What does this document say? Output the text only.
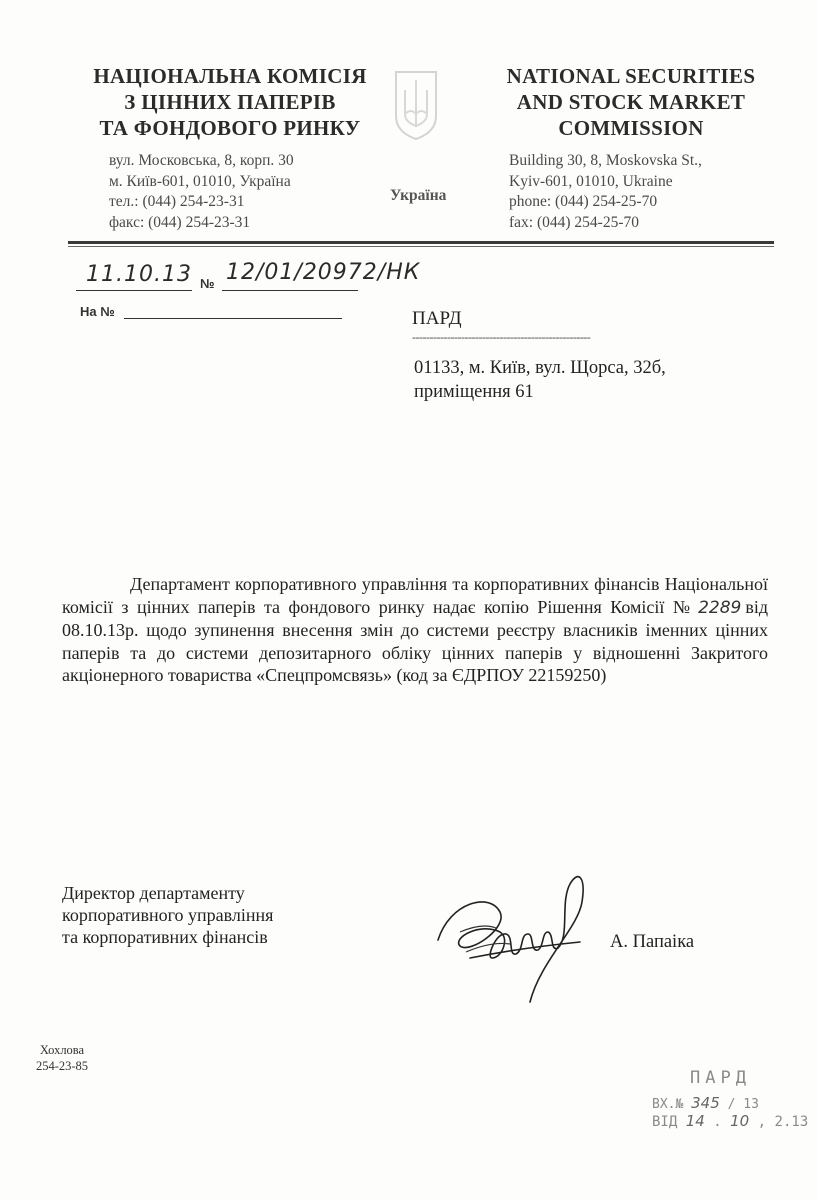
НАЦІОНАЛЬНА КОМІСІЯ
З ЦІННИХ ПАПЕРІВ
ТА ФОНДОВОГО РИНКУ
вул. Московська, 8, корп. 30
м. Київ-601, 01010, Україна
тел.: (044) 254-23-31
факс: (044) 254-23-31
Україна
NATIONAL SECURITIES
AND STOCK MARKET
COMMISSION
Building 30, 8, Moskovska St.,
Kyiv-601, 01010, Ukraine
phone: (044) 254-25-70
fax: (044) 254-25-70
11.10.13 № 12/01/20972/НК
На №	ПАРД
---------------------------------------------------
01133, м. Київ, вул. Щорса, 32б,
приміщення 61

Департамент корпоративного управління та корпоративних фінансів Національної комісії з цінних паперів та фондового ринку надає копію Рішення Комісії № 2289 від 08.10.13р. щодо зупинення внесення змін до системи реєстру власників іменних цінних паперів та до системи депозитарного обліку цінних паперів у відношенні Закритого акціонерного товариства «Спецпромсвязь» (код за ЄДРПОУ 22159250)

Директор департаменту
корпоративного управління
та корпоративних фінансів	А. Папаіка
Хохлова
254-23-85
ПАРД
ВХ.№ 345 / 13
ВІД 14 . 10 , 2.13
